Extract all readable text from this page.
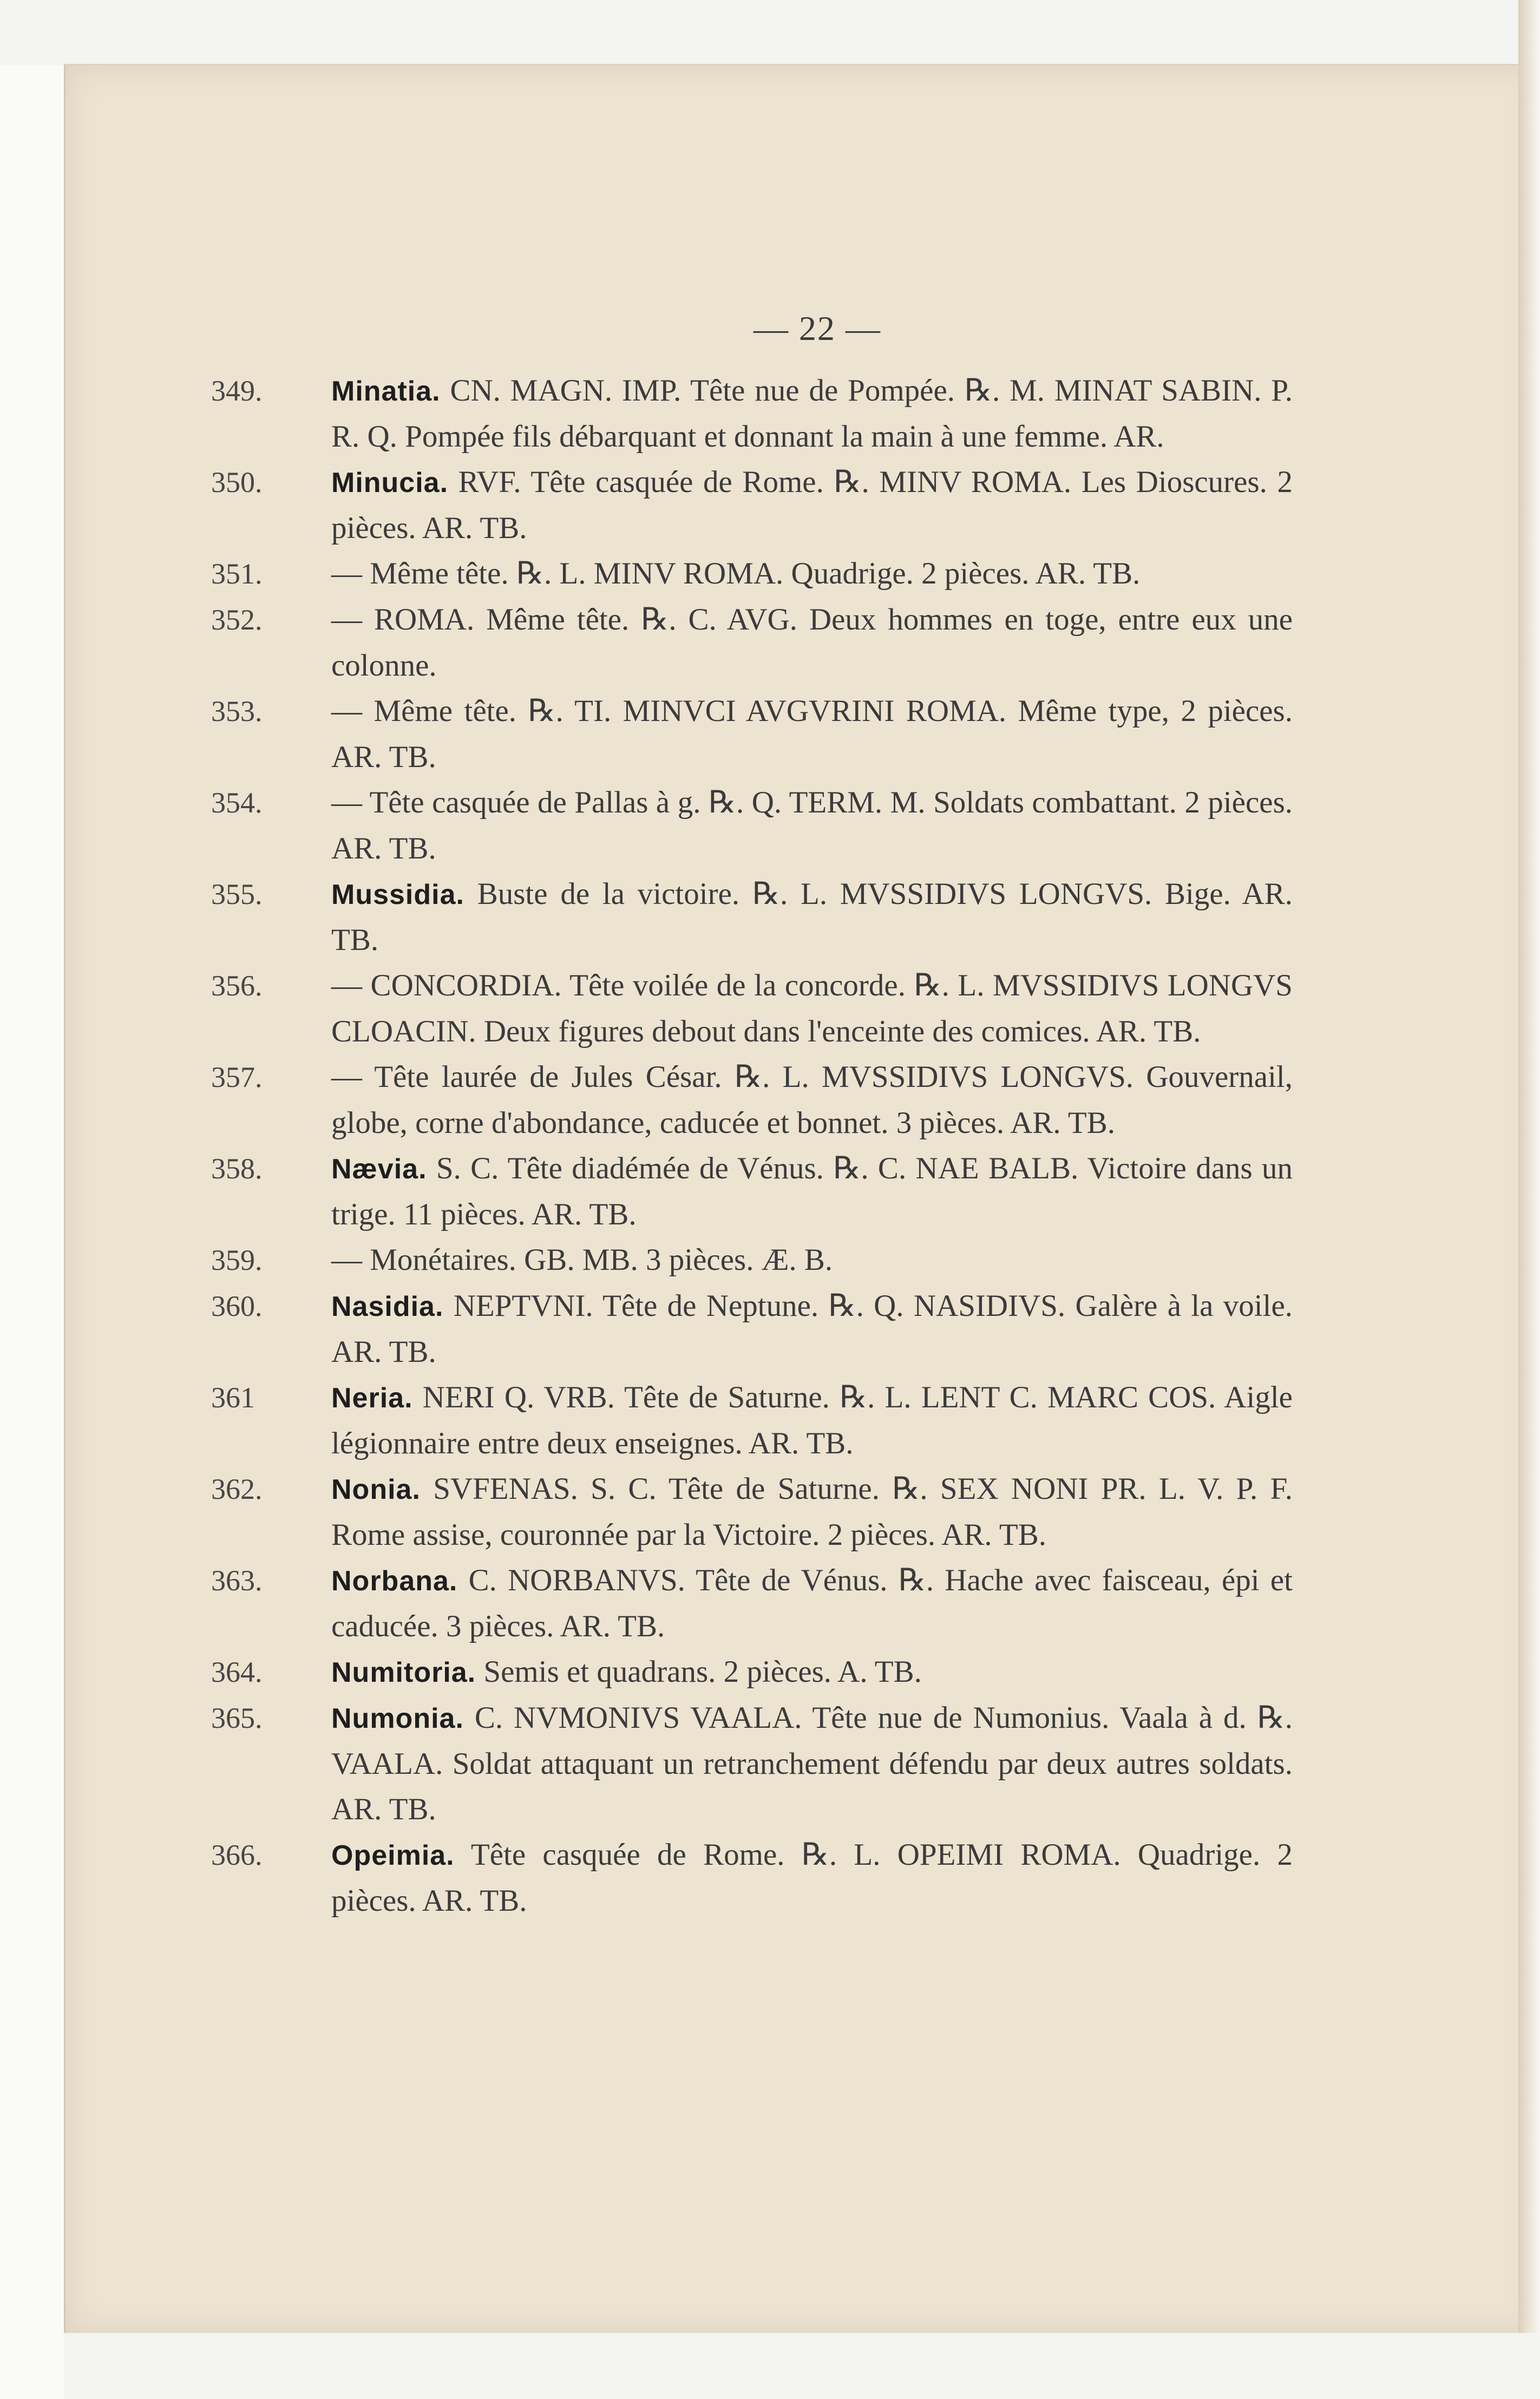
— 22 —
349.	Minatia. CN. MAGN. IMP. Tête nue de Pompée. ℞. M. MINAT SABIN. P. R. Q. Pompée fils débarquant et donnant la main à une femme. AR.
350.	Minucia. RVF. Tête casquée de Rome. ℞. MINV ROMA. Les Dioscures. 2 pièces. AR. TB.
351.	— Même tête. ℞. L. MINV ROMA. Quadrige. 2 pièces. AR. TB.
352.	— ROMA. Même tête. ℞. C. AVG. Deux hommes en toge, entre eux une colonne.
353.	— Même tête. ℞. TI. MINVCI AVGVRINI ROMA. Même type, 2 pièces. AR. TB.
354.	— Tête casquée de Pallas à g. ℞. Q. TERM. M. Soldats combattant. 2 pièces. AR. TB.
355.	Mussidia. Buste de la victoire. ℞. L. MVSSIDIVS LONGVS. Bige. AR. TB.
356.	— CONCORDIA. Tête voilée de la concorde. ℞. L. MVSSIDIVS LONGVS CLOACIN. Deux figures debout dans l'enceinte des comices. AR. TB.
357.	— Tête laurée de Jules César. ℞. L. MVSSIDIVS LONGVS. Gouvernail, globe, corne d'abondance, caducée et bonnet. 3 pièces. AR. TB.
358.	Nævia. S. C. Tête diadémée de Vénus. ℞. C. NAE BALB. Victoire dans un trige. 11 pièces. AR. TB.
359.	— Monétaires. GB. MB. 3 pièces. Æ. B.
360.	Nasidia. NEPTVNI. Tête de Neptune. ℞. Q. NASIDIVS. Galère à la voile. AR. TB.
361	Neria. NERI Q. VRB. Tête de Saturne. ℞. L. LENT C. MARC COS. Aigle légionnaire entre deux enseignes. AR. TB.
362.	Nonia. SVFENAS. S. C. Tête de Saturne. ℞. SEX NONI PR. L. V. P. F. Rome assise, couronnée par la Victoire. 2 pièces. AR. TB.
363.	Norbana. C. NORBANVS. Tête de Vénus. ℞. Hache avec faisceau, épi et caducée. 3 pièces. AR. TB.
364.	Numitoria. Semis et quadrans. 2 pièces. A. TB.
365.	Numonia. C. NVMONIVS VAALA. Tête nue de Numonius. Vaala à d. ℞. VAALA. Soldat attaquant un retranchement défendu par deux autres soldats. AR. TB.
366.	Opeimia. Tête casquée de Rome. ℞. L. OPEIMI ROMA. Quadrige. 2 pièces. AR. TB.
